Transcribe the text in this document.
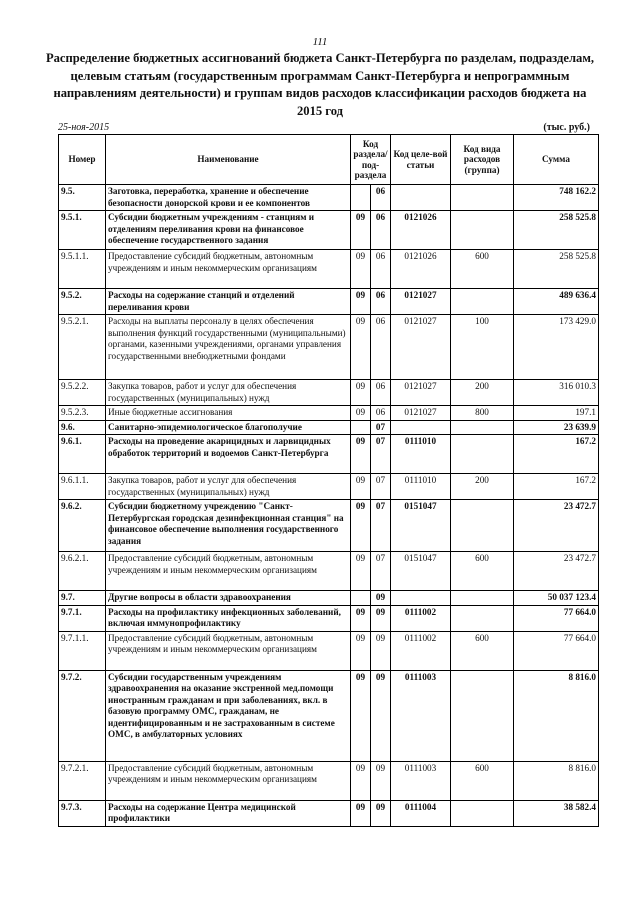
111
Распределение бюджетных ассигнований бюджета Санкт-Петербурга по разделам, подразделам, целевым статьям (государственным программам Санкт-Петербурга и непрограммным направлениям деятельности) и группам видов расходов классификации расходов бюджета на 2015 год
25-ноя-2015	(тыс. руб.)
Номер	Наименование	Код раздела/ под-раздела		Код целе-вой статьи	Код вида расходов (группа)	Сумма
9.5.	Заготовка, переработка, хранение и обеспечение безопасности донорской крови и ее компонентов		06			748 162.2
9.5.1.	Субсидии бюджетным учреждениям - станциям и отделениям переливания крови на финансовое обеспечение государственного задания	09	06	0121026		258 525.8
9.5.1.1.	Предоставление субсидий бюджетным, автономным учреждениям и иным некоммерческим организациям	09	06	0121026	600	258 525.8
9.5.2.	Расходы на содержание станций и отделений переливания крови	09	06	0121027		489 636.4
9.5.2.1.	Расходы на выплаты персоналу в целях обеспечения выполнения функций государственными (муниципальными) органами, казенными учреждениями, органами управления государственными внебюджетными фондами	09	06	0121027	100	173 429.0
9.5.2.2.	Закупка товаров, работ и услуг для обеспечения государственных (муниципальных) нужд	09	06	0121027	200	316 010.3
9.5.2.3.	Иные бюджетные ассигнования	09	06	0121027	800	197.1
9.6.	Санитарно-эпидемиологическое благополучие		07			23 639.9
9.6.1.	Расходы на проведение акарицидных и ларвицидных обработок территорий и водоемов Санкт-Петербурга	09	07	0111010		167.2
9.6.1.1.	Закупка товаров, работ и услуг для обеспечения государственных (муниципальных) нужд	09	07	0111010	200	167.2
9.6.2.	Субсидии бюджетному учреждению "Санкт-Петербургская городская дезинфекционная станция" на финансовое обеспечение выполнения государственного задания	09	07	0151047		23 472.7
9.6.2.1.	Предоставление субсидий бюджетным, автономным учреждениям и иным некоммерческим организациям	09	07	0151047	600	23 472.7
9.7.	Другие вопросы в области здравоохранения		09			50 037 123.4
9.7.1.	Расходы на профилактику инфекционных заболеваний, включая иммунопрофилактику	09	09	0111002		77 664.0
9.7.1.1.	Предоставление субсидий бюджетным, автономным учреждениям и иным некоммерческим организациям	09	09	0111002	600	77 664.0
9.7.2.	Субсидии государственным учреждениям здравоохранения на оказание экстренной мед.помощи иностранным гражданам и при заболеваниях, вкл. в базовую программу ОМС, гражданам, не идентифицированным и не застрахованным в системе ОМС, в амбулаторных условиях	09	09	0111003		8 816.0
9.7.2.1.	Предоставление субсидий бюджетным, автономным учреждениям и иным некоммерческим организациям	09	09	0111003	600	8 816.0
9.7.3.	Расходы на содержание Центра медицинской профилактики	09	09	0111004		38 582.4
